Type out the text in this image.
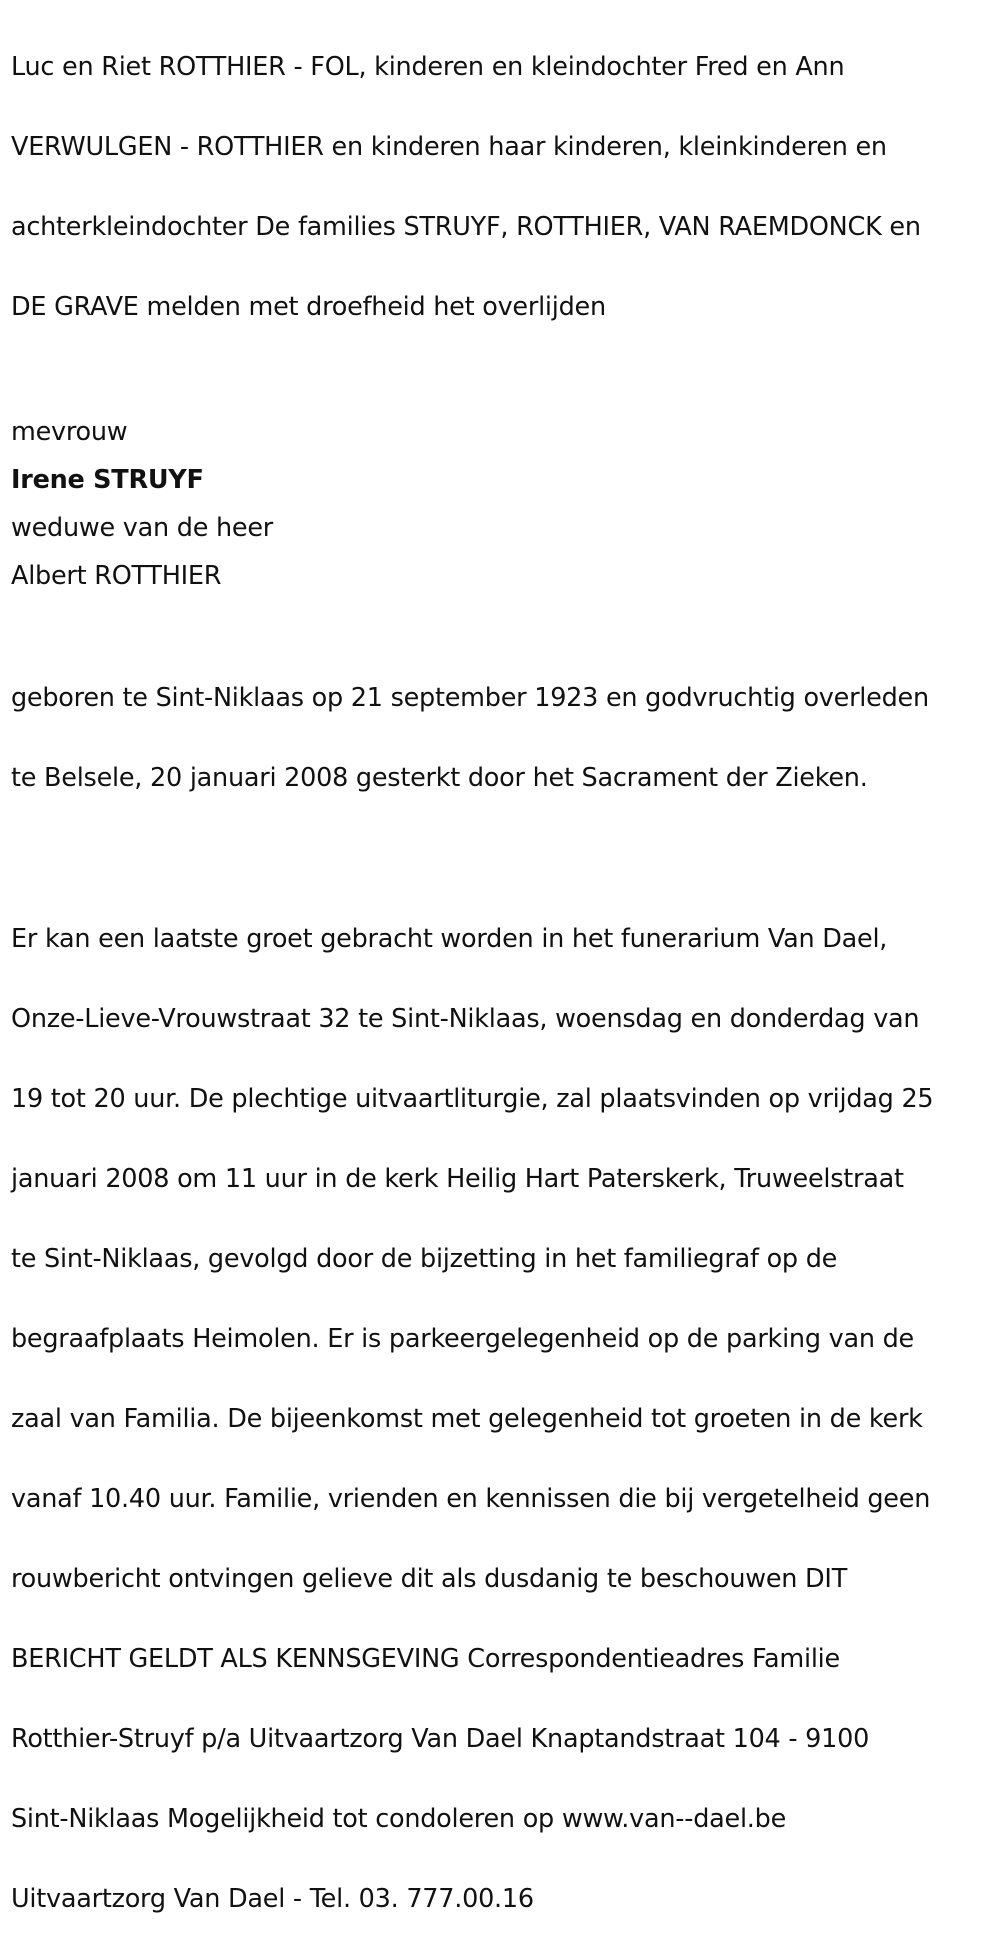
Luc en Riet ROTTHIER - FOL, kinderen en kleindochter Fred en Ann

VERWULGEN - ROTTHIER en kinderen haar kinderen, kleinkinderen en

achterkleindochter De families STRUYF, ROTTHIER, VAN RAEMDONCK en

DE GRAVE melden met droefheid het overlijden

mevrouw
Irene STRUYF
weduwe van de heer
Albert ROTTHIER

geboren te Sint-Niklaas op 21 september 1923 en godvruchtig overleden

te Belsele, 20 januari 2008 gesterkt door het Sacrament der Zieken.

Er kan een laatste groet gebracht worden in het funerarium Van Dael,

Onze-Lieve-Vrouwstraat 32 te Sint-Niklaas, woensdag en donderdag van

19 tot 20 uur. De plechtige uitvaartliturgie, zal plaatsvinden op vrijdag 25

januari 2008 om 11 uur in de kerk Heilig Hart Paterskerk, Truweelstraat

te Sint-Niklaas, gevolgd door de bijzetting in het familiegraf op de

begraafplaats Heimolen. Er is parkeergelegenheid op de parking van de

zaal van Familia. De bijeenkomst met gelegenheid tot groeten in de kerk

vanaf 10.40 uur. Familie, vrienden en kennissen die bij vergetelheid geen

rouwbericht ontvingen gelieve dit als dusdanig te beschouwen DIT

BERICHT GELDT ALS KENNSGEVING Correspondentieadres Familie

Rotthier-Struyf p/a Uitvaartzorg Van Dael Knaptandstraat 104 - 9100

Sint-Niklaas Mogelijkheid tot condoleren op www.van--dael.be

Uitvaartzorg Van Dael - Tel. 03. 777.00.16
